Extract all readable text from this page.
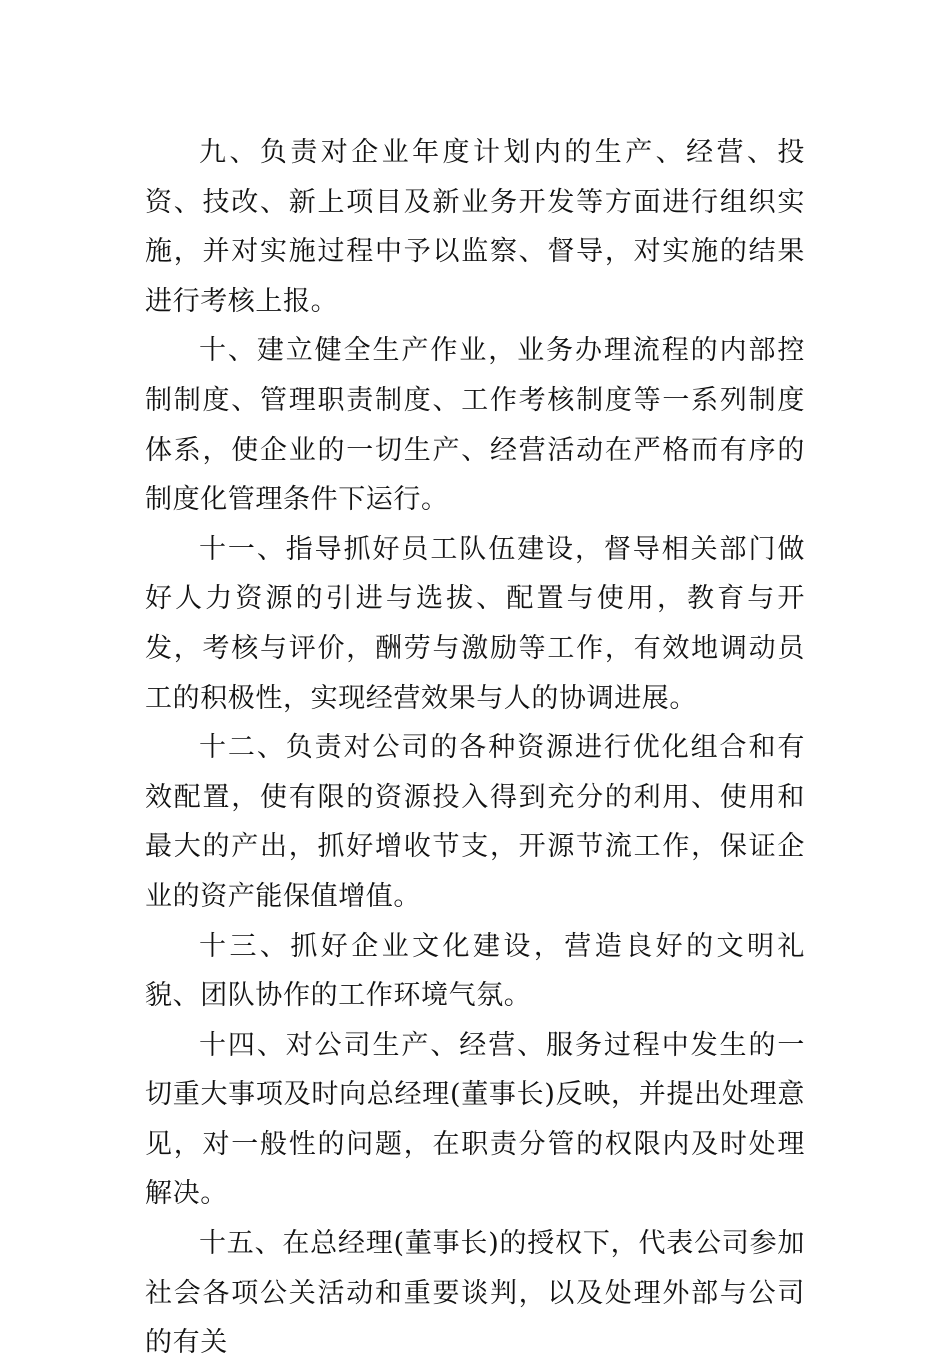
九、负责对企业年度计划内的生产、经营、投资、技改、新上项目及新业务开发等方面进行组织实施，并对实施过程中予以监察、督导，对实施的结果进行考核上报。

十、建立健全生产作业，业务办理流程的内部控制制度、管理职责制度、工作考核制度等一系列制度体系，使企业的一切生产、经营活动在严格而有序的制度化管理条件下运行。

十一、指导抓好员工队伍建设，督导相关部门做好人力资源的引进与选拔、配置与使用，教育与开发，考核与评价，酬劳与激励等工作，有效地调动员工的积极性，实现经营效果与人的协调进展。

十二、负责对公司的各种资源进行优化组合和有效配置，使有限的资源投入得到充分的利用、使用和最大的产出，抓好增收节支，开源节流工作，保证企业的资产能保值增值。

十三、抓好企业文化建设，营造良好的文明礼貌、团队协作的工作环境气氛。

十四、对公司生产、经营、服务过程中发生的一切重大事项及时向总经理(董事长)反映，并提出处理意见，对一般性的问题，在职责分管的权限内及时处理解决。

十五、在总经理(董事长)的授权下，代表公司参加社会各项公关活动和重要谈判，以及处理外部与公司的有关
